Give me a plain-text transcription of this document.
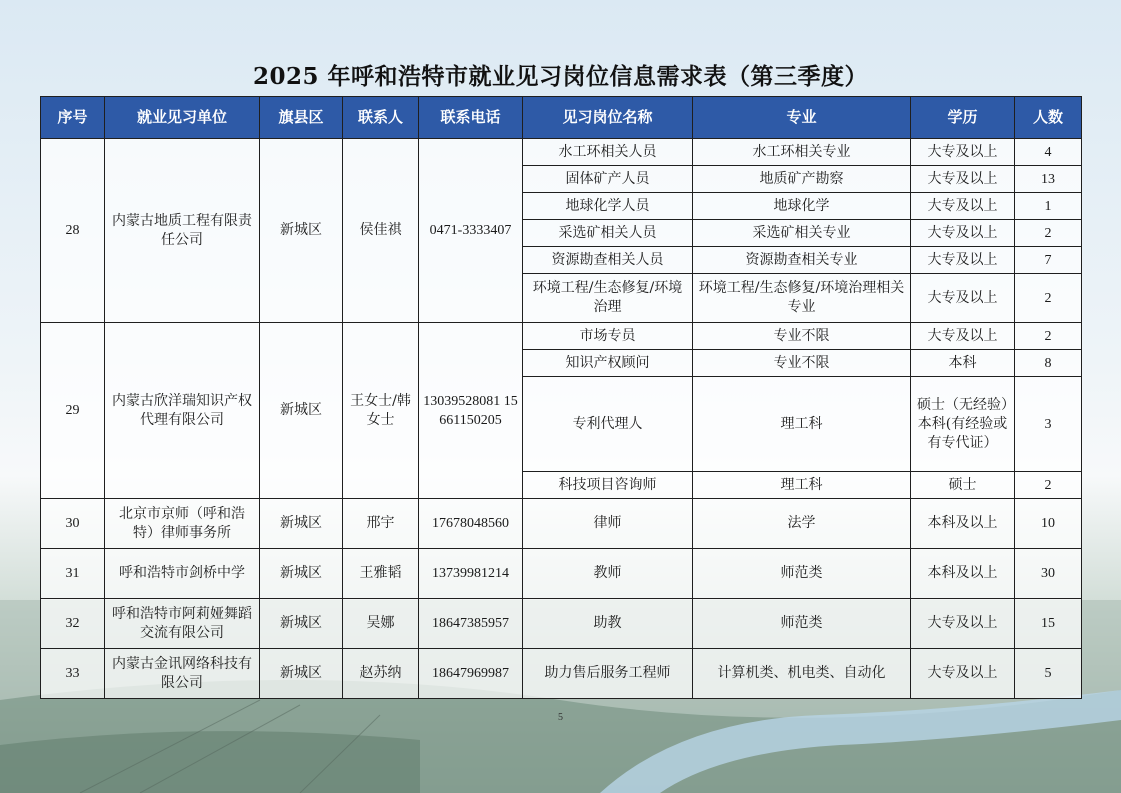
2025 年呼和浩特市就业见习岗位信息需求表（第三季度）
序号	就业见习单位	旗县区	联系人	联系电话	见习岗位名称	专业	学历	人数
28	内蒙古地质工程有限责任公司	新城区	侯佳祺	0471-3333407	水工环相关人员	水工环相关专业	大专及以上	4
					固体矿产人员	地质矿产勘察	大专及以上	13
					地球化学人员	地球化学	大专及以上	1
					采选矿相关人员	采选矿相关专业	大专及以上	2
					资源勘查相关人员	资源勘查相关专业	大专及以上	7
					环境工程/生态修复/环境治理	环境工程/生态修复/环境治理相关专业	大专及以上	2
29	内蒙古欣洋瑞知识产权代理有限公司	新城区	王女士/韩女士	13039528081 15661150205	市场专员	专业不限	大专及以上	2
					知识产权顾问	专业不限	本科	8
					专利代理人	理工科	硕士（无经验）本科(有经验或有专代证）	3
					科技项目咨询师	理工科	硕士	2
30	北京市京师（呼和浩特）律师事务所	新城区	邢宇	17678048560	律师	法学	本科及以上	10
31	呼和浩特市剑桥中学	新城区	王雅韬	13739981214	教师	师范类	本科及以上	30
32	呼和浩特市阿莉娅舞蹈交流有限公司	新城区	吴娜	18647385957	助教	师范类	大专及以上	15
33	内蒙古金讯网络科技有限公司	新城区	赵苏纳	18647969987	助力售后服务工程师	计算机类、机电类、自动化	大专及以上	5
5
